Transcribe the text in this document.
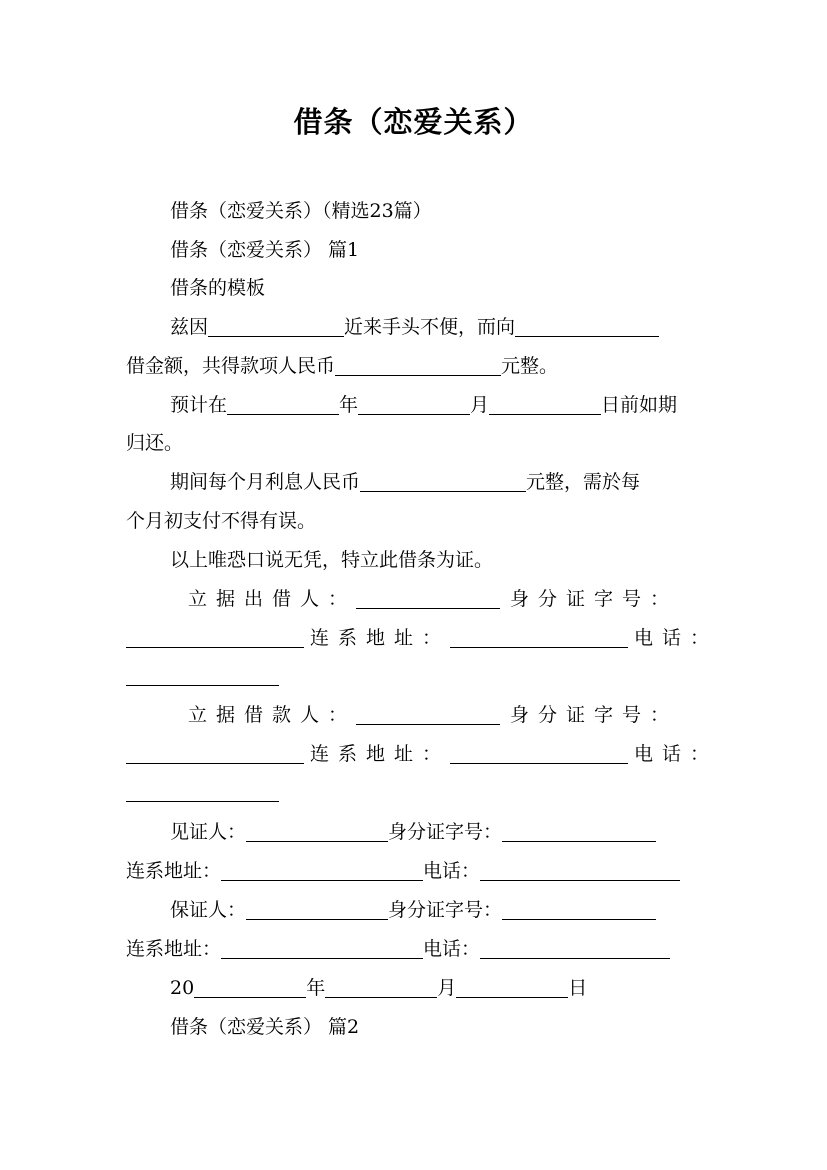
借条（恋爱关系）
借条（恋爱关系）（精选23篇）
借条（恋爱关系） 篇1
借条的模板
兹因	近来手头不便，而向
借金额，共得款项人民币	元整。
预计在	年	月	日前如期
归还。
期间每个月利息人民币	元整，需於每
个月初支付不得有误。
以上唯恐口说无凭，特立此借条为证。
立据出借人：	身分证字号：
连系地址：	电话：
立据借款人：	身分证字号：
连系地址：	电话：
见证人：	身分证字号：
连系地址：	电话：
保证人：	身分证字号：
连系地址：	电话：
20	年	月	日
借条（恋爱关系） 篇2
